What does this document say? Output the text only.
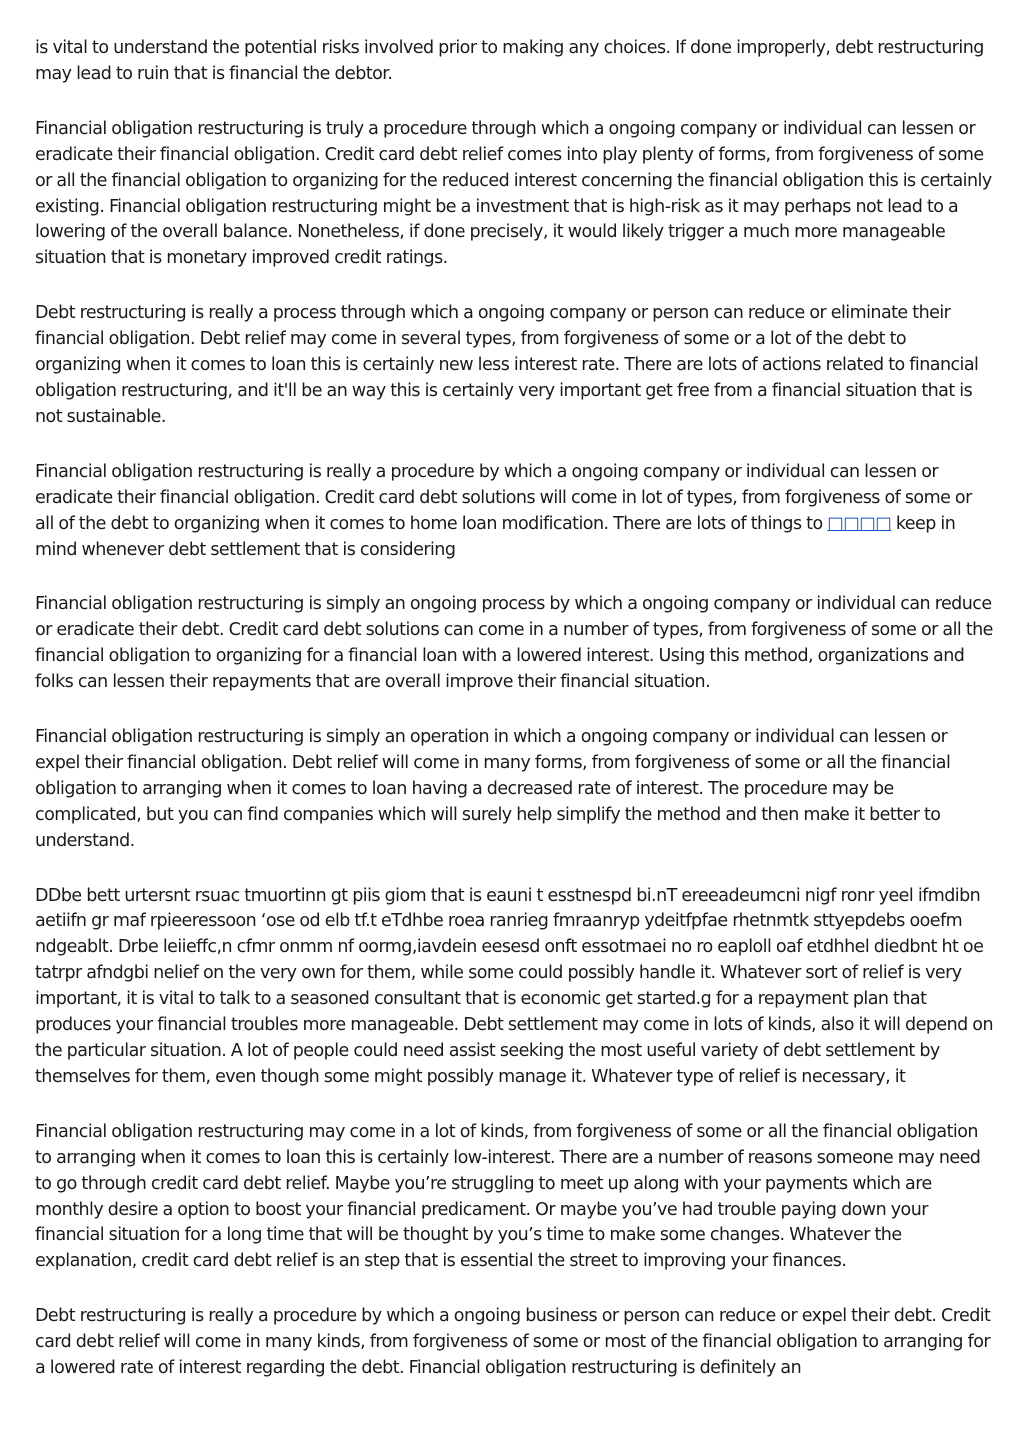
is vital to understand the potential risks involved prior to making any choices. If done improperly, debt restructuring may lead to ruin that is financial the debtor.

Financial obligation restructuring is truly a procedure through which a ongoing company or individual can lessen or eradicate their financial obligation. Credit card debt relief comes into play plenty of forms, from forgiveness of some or all the financial obligation to organizing for the reduced interest concerning the financial obligation this is certainly existing. Financial obligation restructuring might be a investment that is high-risk as it may perhaps not lead to a lowering of the overall balance. Nonetheless, if done precisely, it would likely trigger a much more manageable situation that is monetary improved credit ratings.

Debt restructuring is really a process through which a ongoing company or person can reduce or eliminate their financial obligation. Debt relief may come in several types, from forgiveness of some or a lot of the debt to organizing when it comes to loan this is certainly new less interest rate. There are lots of actions related to financial obligation restructuring, and it'll be an way this is certainly very important get free from a financial situation that is not sustainable.

Financial obligation restructuring is really a procedure by which a ongoing company or individual can lessen or eradicate their financial obligation. Credit card debt solutions will come in lot of types, from forgiveness of some or all of the debt to organizing when it comes to home loan modification. There are lots of things to □□□□ keep in mind whenever debt settlement that is considering

Financial obligation restructuring is simply an ongoing process by which a ongoing company or individual can reduce or eradicate their debt. Credit card debt solutions can come in a number of types, from forgiveness of some or all the financial obligation to organizing for a financial loan with a lowered interest. Using this method, organizations and folks can lessen their repayments that are overall improve their financial situation.

Financial obligation restructuring is simply an operation in which a ongoing company or individual can lessen or expel their financial obligation. Debt relief will come in many forms, from forgiveness of some or all the financial obligation to arranging when it comes to loan having a decreased rate of interest. The procedure may be complicated, but you can find companies which will surely help simplify the method and then make it better to understand.

DDbe bett urtersnt rsuac tmuortinn gt piis giom that is eauni t esstnespd bi.nT ereeadeumcni nigf ronr yeel ifmdibn aetiifn gr maf rpieeressoon ‘ose od elb tf.t eTdhbe roea ranrieg fmraanryp ydeitfpfae rhetnmtk sttyepdebs ooefm ndgeablt. Drbe leiieffc,n cfmr onmm nf oormg,iavdein eesesd onft essotmaei no ro eaploll oaf etdhhel diedbnt ht oe tatrpr afndgbi nelief on the very own for them, while some could possibly handle it. Whatever sort of relief is very important, it is vital to talk to a seasoned consultant that is economic get started.g for a repayment plan that produces your financial troubles more manageable. Debt settlement may come in lots of kinds, also it will depend on the particular situation. A lot of people could need assist seeking the most useful variety of debt settlement by themselves for them, even though some might possibly manage it. Whatever type of relief is necessary, it

Financial obligation restructuring may come in a lot of kinds, from forgiveness of some or all the financial obligation to arranging when it comes to loan this is certainly low-interest. There are a number of reasons someone may need to go through credit card debt relief. Maybe you’re struggling to meet up along with your payments which are monthly desire a option to boost your financial predicament. Or maybe you’ve had trouble paying down your financial situation for a long time that will be thought by you’s time to make some changes. Whatever the explanation, credit card debt relief is an step that is essential the street to improving your finances.

Debt restructuring is really a procedure by which a ongoing business or person can reduce or expel their debt. Credit card debt relief will come in many kinds, from forgiveness of some or most of the financial obligation to arranging for a lowered rate of interest regarding the debt. Financial obligation restructuring is definitely an
